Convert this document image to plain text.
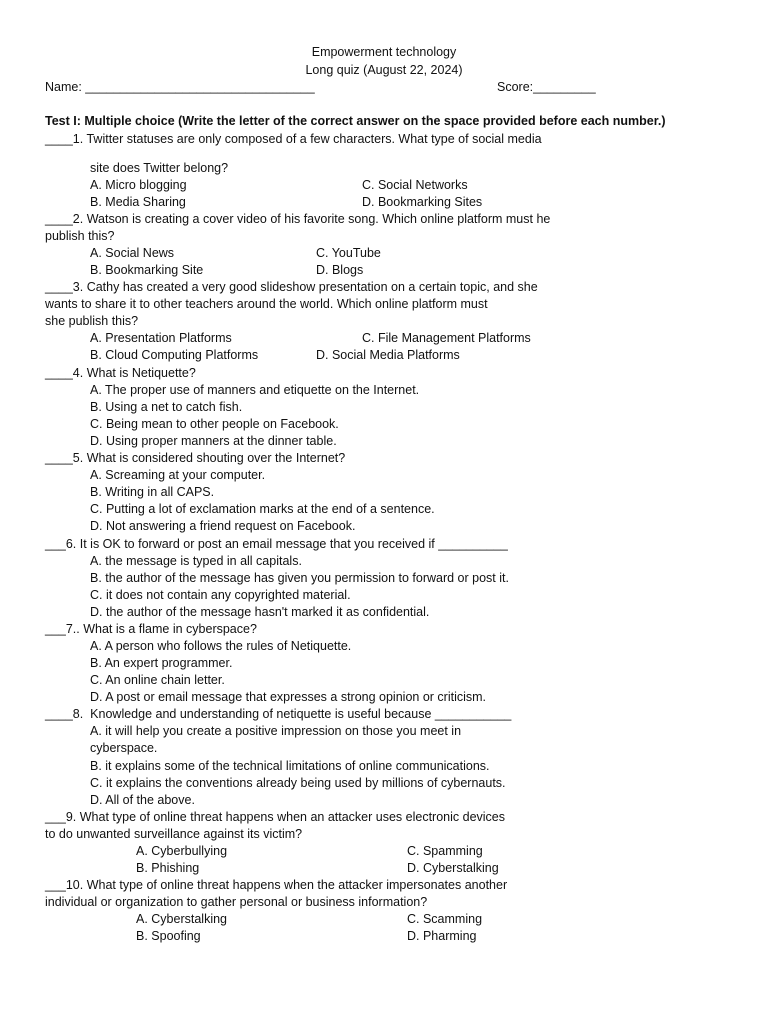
Empowerment technology
Long quiz (August 22, 2024)
Name: _________________________________	Score:_________
Test I: Multiple choice (Write the letter of the correct answer on the space provided before each number.)
____1. Twitter statuses are only composed of a few characters. What type of social media
site does Twitter belong?
A. Micro blogging	C. Social Networks
B. Media Sharing	D. Bookmarking Sites
____2. Watson is creating a cover video of his favorite song. Which online platform must he
publish this?
A. Social News	C. YouTube
B. Bookmarking Site	D. Blogs
____3. Cathy has created a very good slideshow presentation on a certain topic, and she
wants to share it to other teachers around the world. Which online platform must
she publish this?
A. Presentation Platforms	C. File Management Platforms
B. Cloud Computing Platforms	D. Social Media Platforms
____4. What is Netiquette?
A. The proper use of manners and etiquette on the Internet.
B. Using a net to catch fish.
C. Being mean to other people on Facebook.
D. Using proper manners at the dinner table.
____5. What is considered shouting over the Internet?
A. Screaming at your computer.
B. Writing in all CAPS.
C. Putting a lot of exclamation marks at the end of a sentence.
D. Not answering a friend request on Facebook.
___6. It is OK to forward or post an email message that you received if __________
A. the message is typed in all capitals.
B. the author of the message has given you permission to forward or post it.
C. it does not contain any copyrighted material.
D. the author of the message hasn't marked it as confidential.
___7.. What is a flame in cyberspace?
A. A person who follows the rules of Netiquette.
B. An expert programmer.
C. An online chain letter.
D. A post or email message that expresses a strong opinion or criticism.
____8.  Knowledge and understanding of netiquette is useful because ___________
A. it will help you create a positive impression on those you meet in
cyberspace.
B. it explains some of the technical limitations of online communications.
C. it explains the conventions already being used by millions of cybernauts.
D. All of the above.
___9. What type of online threat happens when an attacker uses electronic devices
to do unwanted surveillance against its victim?
A. Cyberbullying	C. Spamming
B. Phishing	D. Cyberstalking
___10. What type of online threat happens when the attacker impersonates another
individual or organization to gather personal or business information?
A. Cyberstalking	C. Scamming
B. Spoofing	D. Pharming
